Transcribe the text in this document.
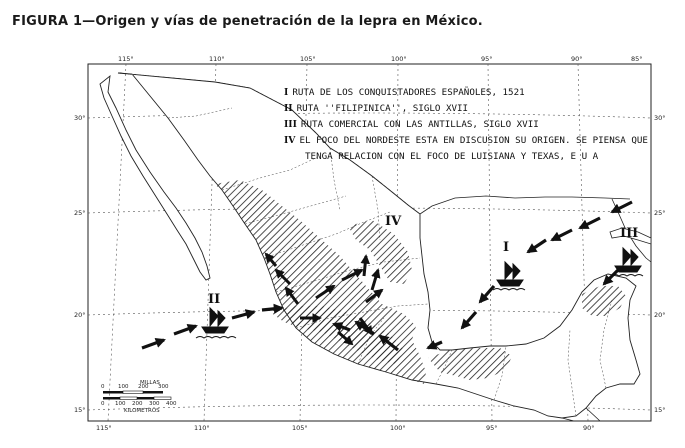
FIGURA 1—Origen y vías de penetración de la lepra en México.
I RUTA DE LOS CONQUISTADORES ESPAÑOLES, 1521
II RUTA ''FILIPINICA'', SIGLO XVII
III RUTA COMERCIAL CON LAS ANTILLAS, SIGLO XVII
IV EL FOCO DEL NORDESTE ESTA EN DISCUSION SU ORIGEN. SE PIENSA QUE
TENGA RELACION CON EL FOCO DE LUISIANA Y TEXAS, E U A
I
II
III
IV
115°	110°	105°	100°	95°	90°	85°
115°	110°	105°	100°	95°	90°
30°
25°
20°
15°
30°
25°
20°
15°
MILLAS
0 100 200 300
0 100 200 300 400
KILOMETROS
